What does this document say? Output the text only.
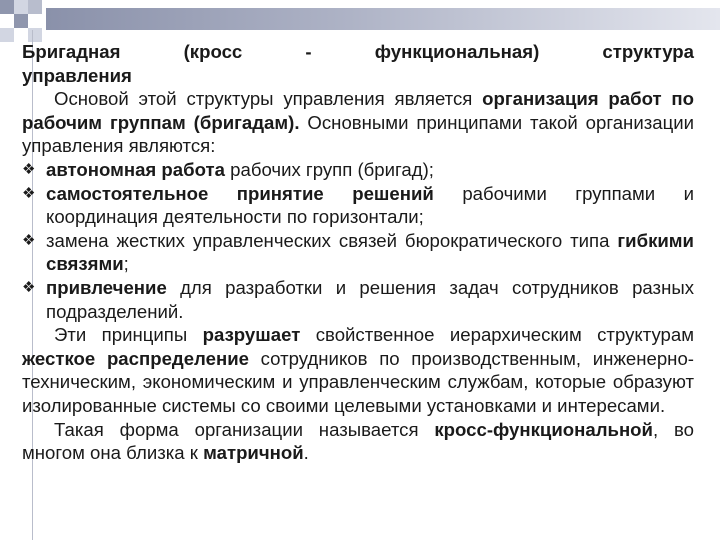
Бригадная (кросс - функциональная) структура

управления

Основой этой структуры управления является организация работ по рабочим группам (бригадам). Основными принципами такой организации управления являются:

❖ автономная работа рабочих групп (бригад);
❖ самостоятельное принятие решений рабочими группами и координация деятельности по горизонтали;
❖ замена жестких управленческих связей бюрократического типа гибкими связями;
❖ привлечение для разработки и решения задач сотрудников разных подразделений.

Эти принципы разрушает свойственное иерархическим структурам жесткое распределение сотрудников по производственным, инженерно-техническим, экономическим и управленческим службам, которые образуют изолированные системы со своими целевыми установками и интересами.

Такая форма организации называется кросс-функциональной, во многом она близка к матричной.
